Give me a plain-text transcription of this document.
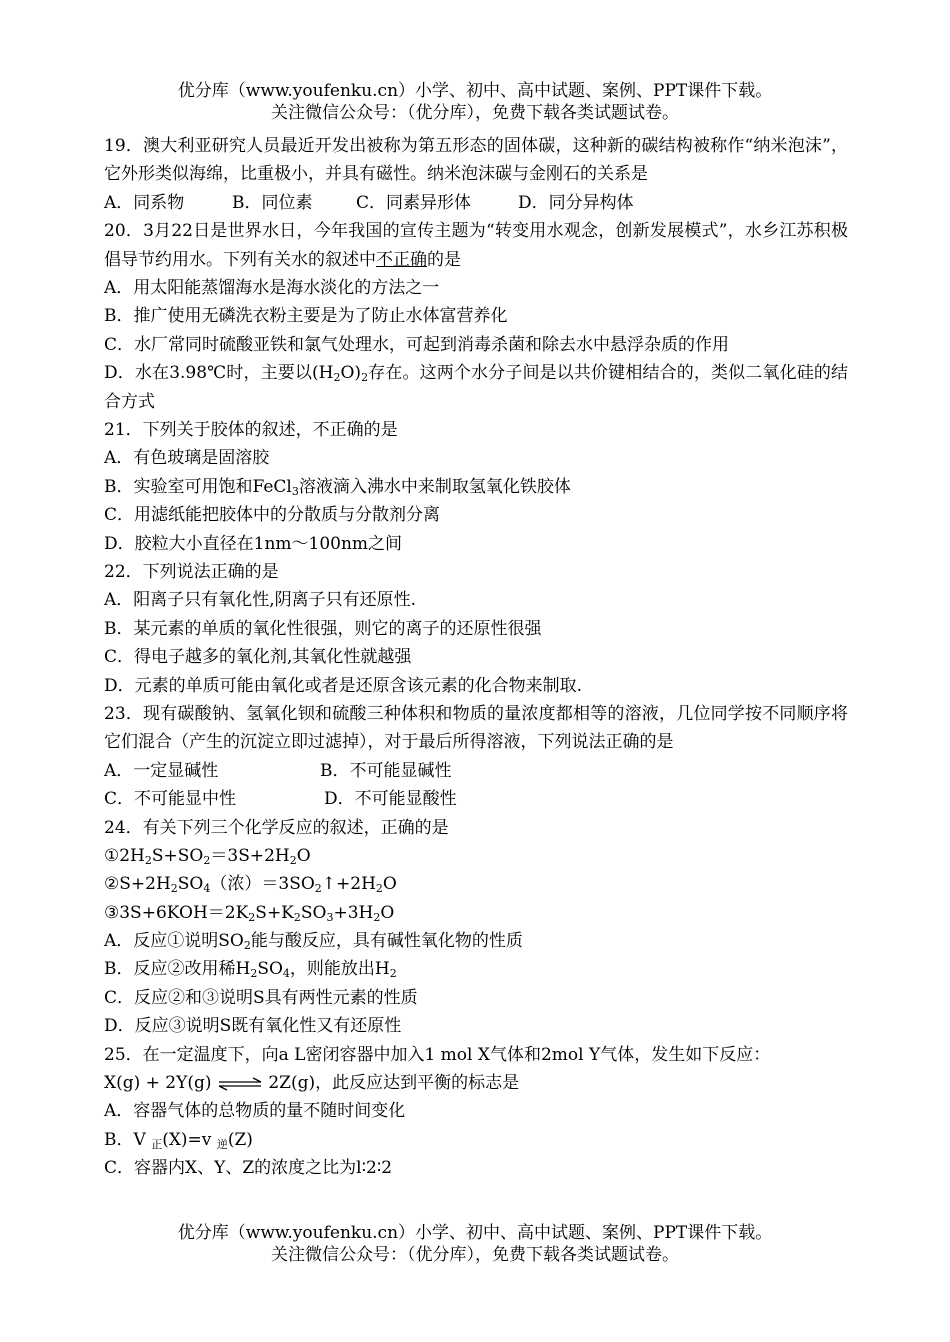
优分库（www.youfenku.cn）小学、初中、高中试题、案例、PPT课件下载。
关注微信公众号：（优分库），免费下载各类试题试卷。
19．澳大利亚研究人员最近开发出被称为第五形态的固体碳，这种新的碳结构被称作“纳米泡沫”，它外形类似海绵，比重极小，并具有磁性。纳米泡沫碳与金刚石的关系是
A．同系物	B．同位素	C．同素异形体	D．同分异构体
20．3月22日是世界水日，今年我国的宣传主题为“转变用水观念，创新发展模式”，水乡江苏积极倡导节约用水。下列有关水的叙述中不正确的是
A．用太阳能蒸馏海水是海水淡化的方法之一
B．推广使用无磷洗衣粉主要是为了防止水体富营养化
C．水厂常同时硫酸亚铁和氯气处理水，可起到消毒杀菌和除去水中悬浮杂质的作用
D．水在3.98℃时，主要以$(H_2O)_2$存在。这两个水分子间是以共价键相结合的，类似二氧化硅的结合方式
21．下列关于胶体的叙述，不正确的是
A．有色玻璃是固溶胶
B．实验室可用饱和FeCl$_3$溶液滴入沸水中来制取氢氧化铁胶体
C．用滤纸能把胶体中的分散质与分散剂分离
D．胶粒大小直径在1nm～100nm之间
22．下列说法正确的是
A．阳离子只有氧化性,阴离子只有还原性.
B．某元素的单质的氧化性很强，则它的离子的还原性很强
C．得电子越多的氧化剂,其氧化性就越强
D．元素的单质可能由氧化或者是还原含该元素的化合物来制取.
23．现有碳酸钠、氢氧化钡和硫酸三种体积和物质的量浓度都相等的溶液，几位同学按不同顺序将它们混合（产生的沉淀立即过滤掉），对于最后所得溶液，下列说法正确的是
A．一定显碱性	B．不可能显碱性
C．不可能显中性	D．不可能显酸性
24．有关下列三个化学反应的叙述，正确的是
$①2H_2S+SO_2=3S+2H_2O$
$②S+2H_2SO_4$（浓）$=3SO_2↑+2H_2O$
$③3S+6KOH=2K_2S+K_2SO_3+3H_2O$
A．反应①说明$SO_2$能与酸反应，具有碱性氧化物的性质
B．反应②改用稀$H_2SO_4$，则能放出$H_2$
C．反应②和③说明S具有两性元素的性质
D．反应③说明S既有氧化性又有还原性
25．在一定温度下，向a L密闭容器中加入1 mol X气体和2mol Y气体，发生如下反应：
X(g) + 2Y(g) ⇌ 2Z(g)，此反应达到平衡的标志是
A．容器气体的总物质的量不随时间变化
B．V $_正$(X)=v $_逆$(Z)
C．容器内X、Y、Z的浓度之比为l∶2∶2
优分库（www.youfenku.cn）小学、初中、高中试题、案例、PPT课件下载。
关注微信公众号：（优分库），免费下载各类试题试卷。
